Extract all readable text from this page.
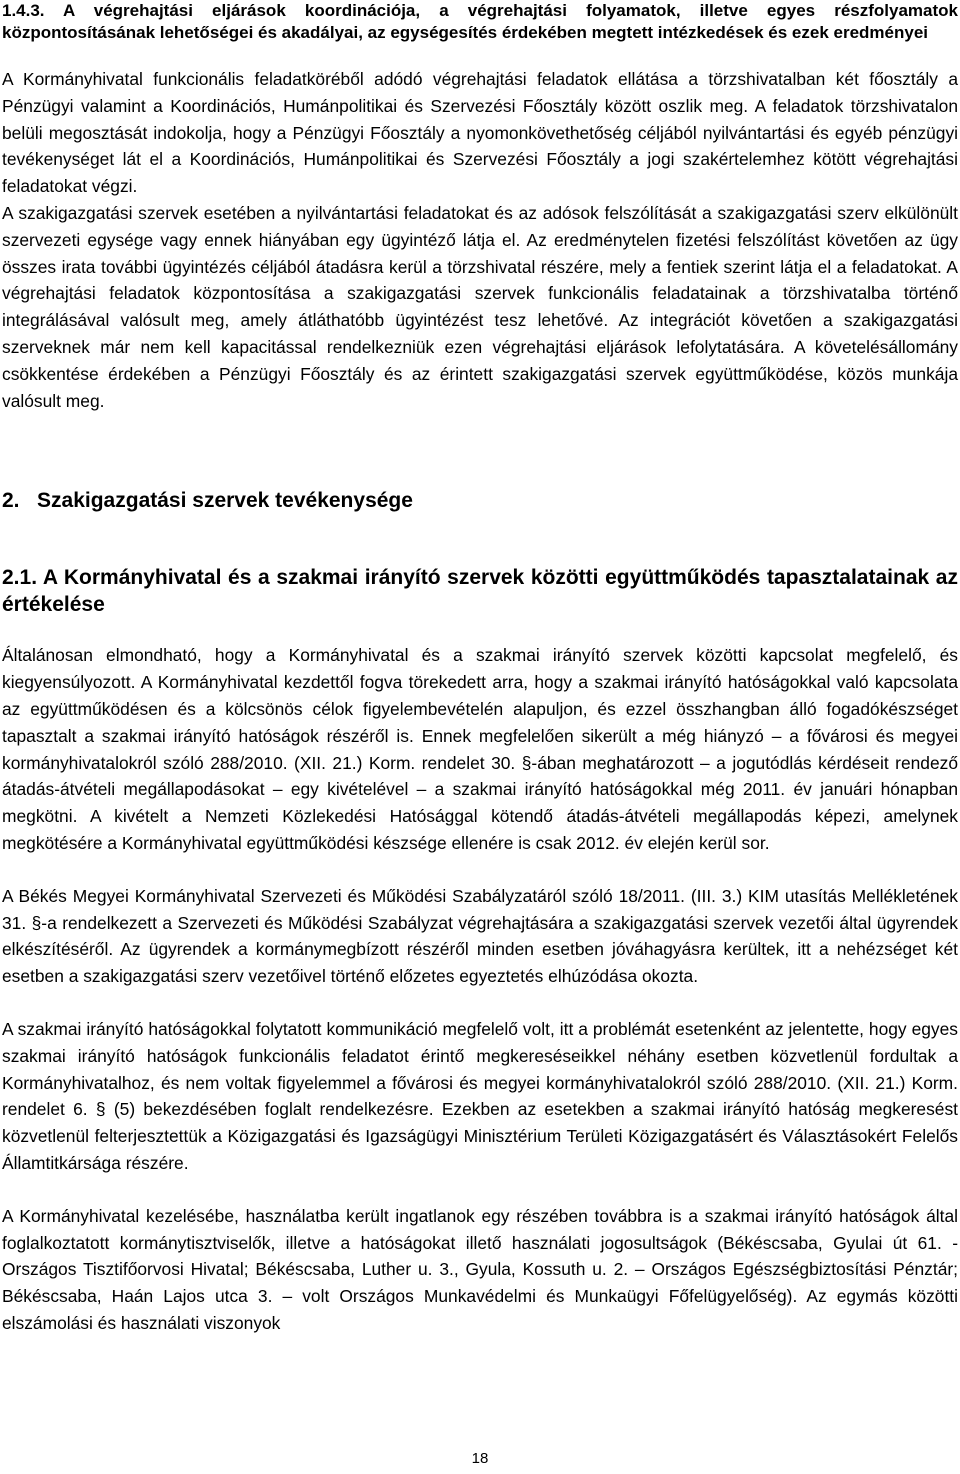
1.4.3. A végrehajtási eljárások koordinációja, a végrehajtási folyamatok, illetve egyes részfolyamatok központosításának lehetőségei és akadályai, az egységesítés érdekében megtett intézkedések és ezek eredményei

A Kormányhivatal funkcionális feladatköréből adódó végrehajtási feladatok ellátása a törzshivatalban két főosztály a Pénzügyi valamint a Koordinációs, Humánpolitikai és Szervezési Főosztály között oszlik meg. A feladatok törzshivatalon belüli megosztását indokolja, hogy a Pénzügyi Főosztály a nyomonkövethetőség céljából nyilvántartási és egyéb pénzügyi tevékenységet lát el a Koordinációs, Humánpolitikai és Szervezési Főosztály a jogi szakértelemhez kötött végrehajtási feladatokat végzi.

A szakigazgatási szervek esetében a nyilvántartási feladatokat és az adósok felszólítását a szakigazgatási szerv elkülönült szervezeti egysége vagy ennek hiányában egy ügyintéző látja el. Az eredménytelen fizetési felszólítást követően az ügy összes irata további ügyintézés céljából átadásra kerül a törzshivatal részére, mely a fentiek szerint látja el a feladatokat. A végrehajtási feladatok központosítása a szakigazgatási szervek funkcionális feladatainak a törzshivatalba történő integrálásával valósult meg, amely átláthatóbb ügyintézést tesz lehetővé. Az integrációt követően a szakigazgatási szerveknek már nem kell kapacitással rendelkezniük ezen végrehajtási eljárások lefolytatására. A követelésállomány csökkentése érdekében a Pénzügyi Főosztály és az érintett szakigazgatási szervek együttműködése, közös munkája valósult meg.

2. Szakigazgatási szervek tevékenysége
2.1. A Kormányhivatal és a szakmai irányító szervek közötti együttműködés tapasztalatainak az értékelése

Általánosan elmondható, hogy a Kormányhivatal és a szakmai irányító szervek közötti kapcsolat megfelelő, és kiegyensúlyozott. A Kormányhivatal kezdettől fogva törekedett arra, hogy a szakmai irányító hatóságokkal való kapcsolata az együttműködésen és a kölcsönös célok figyelembevételén alapuljon, és ezzel összhangban álló fogadókészséget tapasztalt a szakmai irányító hatóságok részéről is. Ennek megfelelően sikerült a még hiányzó – a fővárosi és megyei kormányhivatalokról szóló 288/2010. (XII. 21.) Korm. rendelet 30. §-ában meghatározott – a jogutódlás kérdéseit rendező átadás-átvételi megállapodásokat – egy kivételével – a szakmai irányító hatóságokkal még 2011. év januári hónapban megkötni. A kivételt a Nemzeti Közlekedési Hatósággal kötendő átadás-átvételi megállapodás képezi, amelynek megkötésére a Kormányhivatal együttműködési készsége ellenére is csak 2012. év elején kerül sor.

A Békés Megyei Kormányhivatal Szervezeti és Működési Szabályzatáról szóló 18/2011. (III. 3.) KIM utasítás Mellékletének 31. §-a rendelkezett a Szervezeti és Működési Szabályzat végrehajtására a szakigazgatási szervek vezetői által ügyrendek elkészítéséről. Az ügyrendek a kormánymegbízott részéről minden esetben jóváhagyásra kerültek, itt a nehézséget két esetben a szakigazgatási szerv vezetőivel történő előzetes egyeztetés elhúzódása okozta.

A szakmai irányító hatóságokkal folytatott kommunikáció megfelelő volt, itt a problémát esetenként az jelentette, hogy egyes szakmai irányító hatóságok funkcionális feladatot érintő megkereséseikkel néhány esetben közvetlenül fordultak a Kormányhivatalhoz, és nem voltak figyelemmel a fővárosi és megyei kormányhivatalokról szóló 288/2010. (XII. 21.) Korm. rendelet 6. § (5) bekezdésében foglalt rendelkezésre. Ezekben az esetekben a szakmai irányító hatóság megkeresést közvetlenül felterjesztettük a Közigazgatási és Igazságügyi Minisztérium Területi Közigazgatásért és Választásokért Felelős Államtitkársága részére.

A Kormányhivatal kezelésébe, használatba került ingatlanok egy részében továbbra is a szakmai irányító hatóságok által foglalkoztatott kormánytisztviselők, illetve a hatóságokat illető használati jogosultságok (Békéscsaba, Gyulai út 61. - Országos Tisztifőorvosi Hivatal; Békéscsaba, Luther u. 3., Gyula, Kossuth u. 2. – Országos Egészségbiztosítási Pénztár; Békéscsaba, Haán Lajos utca 3. – volt Országos Munkavédelmi és Munkaügyi Főfelügyelőség). Az egymás közötti elszámolási és használati viszonyok

18
